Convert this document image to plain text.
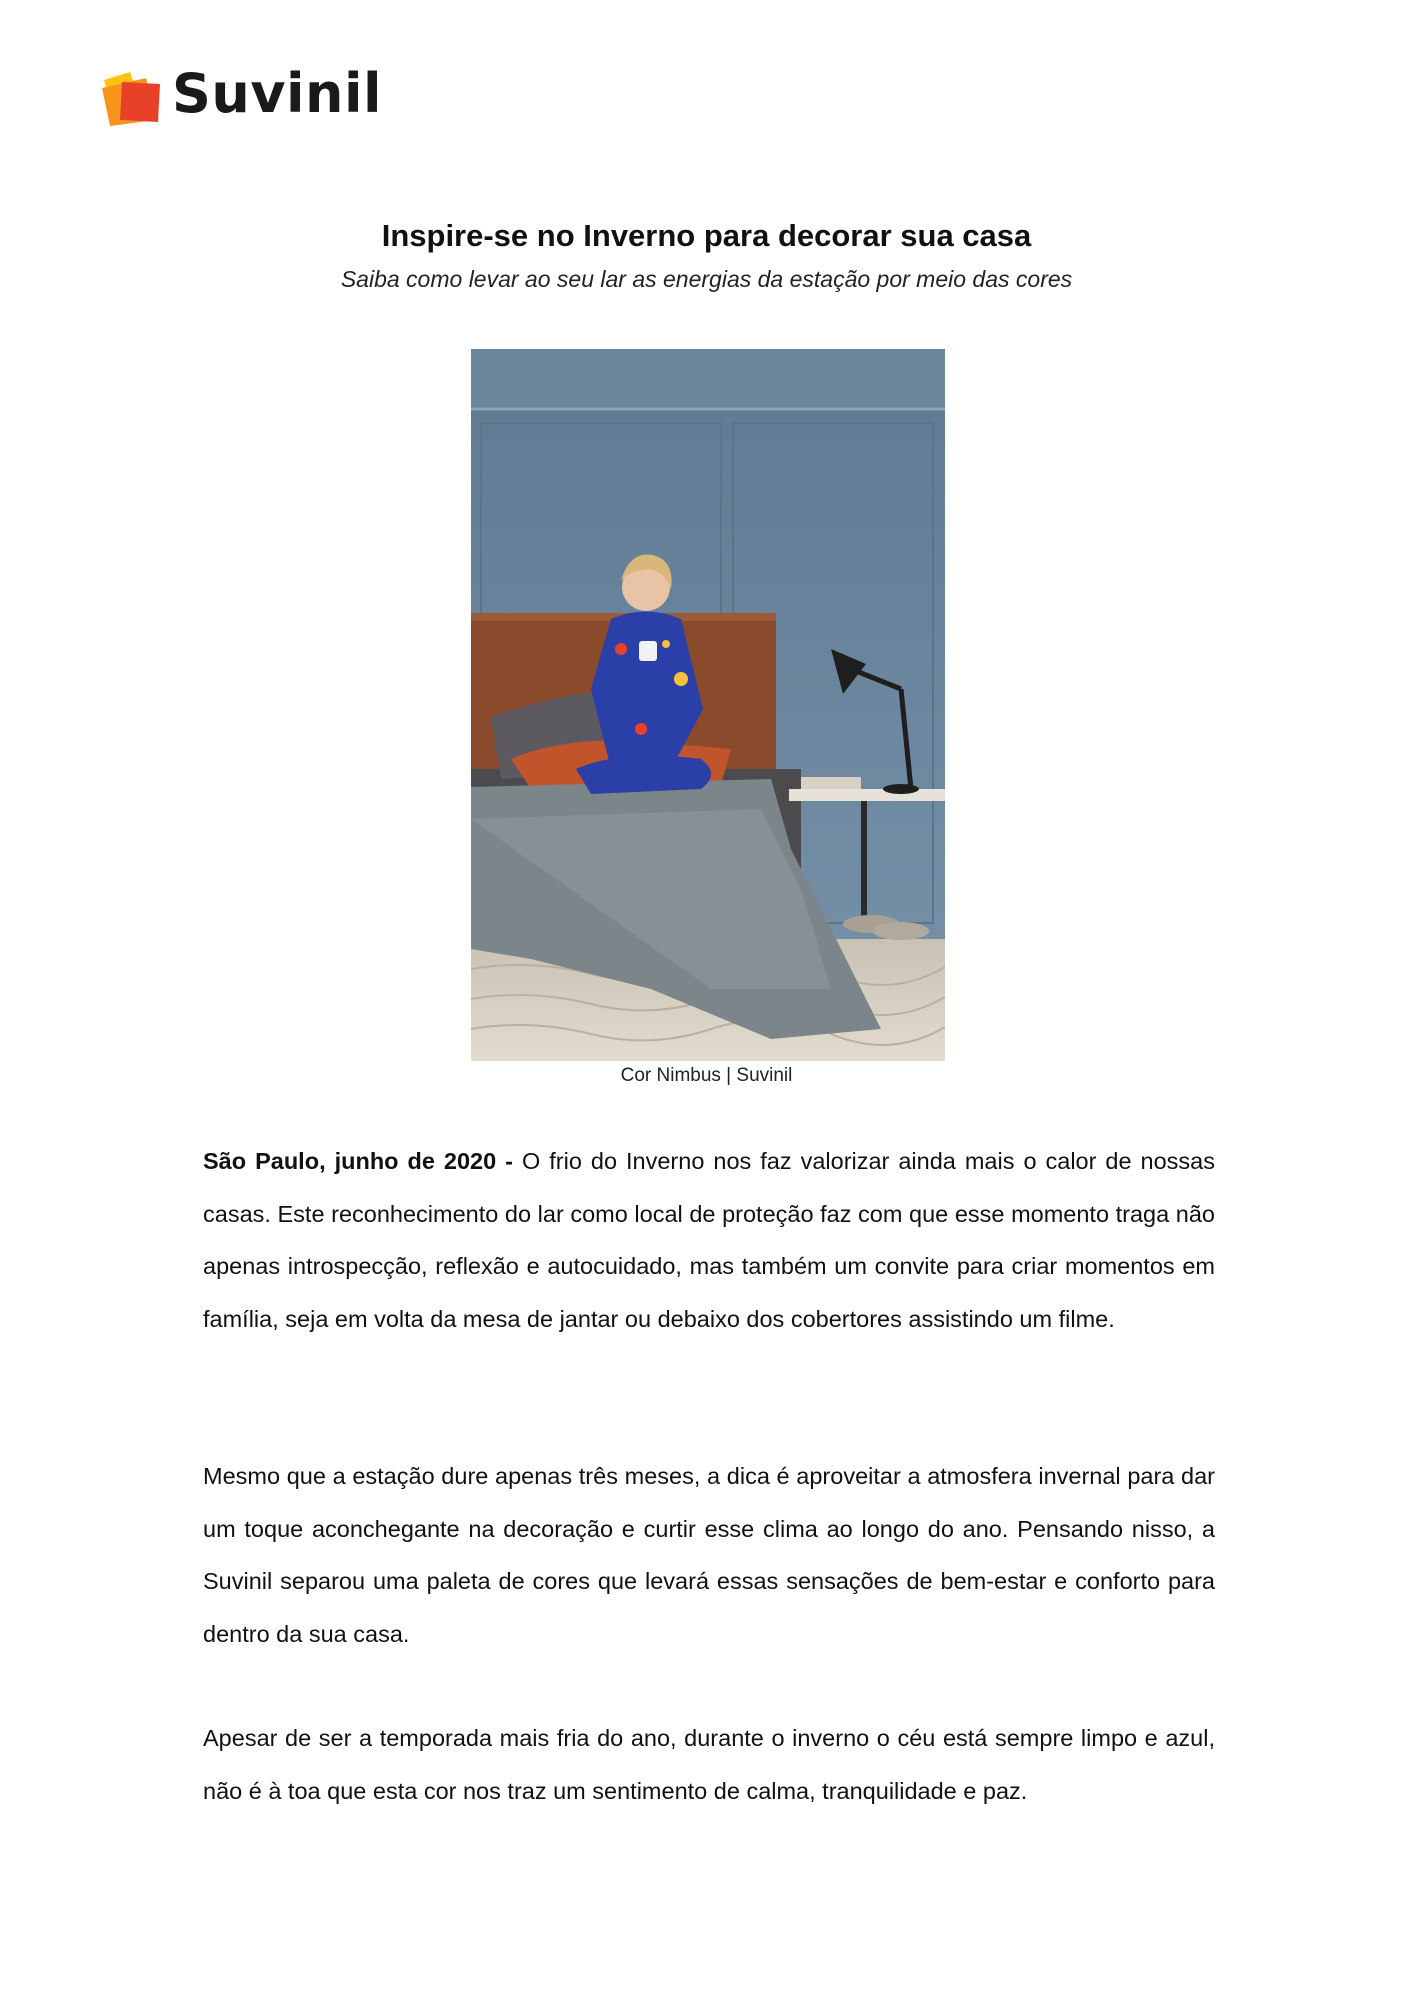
Suvinil
Inspire-se no Inverno para decorar sua casa
Saiba como levar ao seu lar as energias da estação por meio das cores
Cor Nimbus | Suvinil

São Paulo, junho de 2020 - O frio do Inverno nos faz valorizar ainda mais o calor de nossas casas. Este reconhecimento do lar como local de proteção faz com que esse momento traga não apenas introspecção, reflexão e autocuidado, mas também um convite para criar momentos em família, seja em volta da mesa de jantar ou debaixo dos cobertores assistindo um filme.

Mesmo que a estação dure apenas três meses, a dica é aproveitar a atmosfera invernal para dar um toque aconchegante na decoração e curtir esse clima ao longo do ano. Pensando nisso, a Suvinil separou uma paleta de cores que levará essas sensações de bem-estar e conforto para dentro da sua casa.

Apesar de ser a temporada mais fria do ano, durante o inverno o céu está sempre limpo e azul, não é à toa que esta cor nos traz um sentimento de calma, tranquilidade e paz.
